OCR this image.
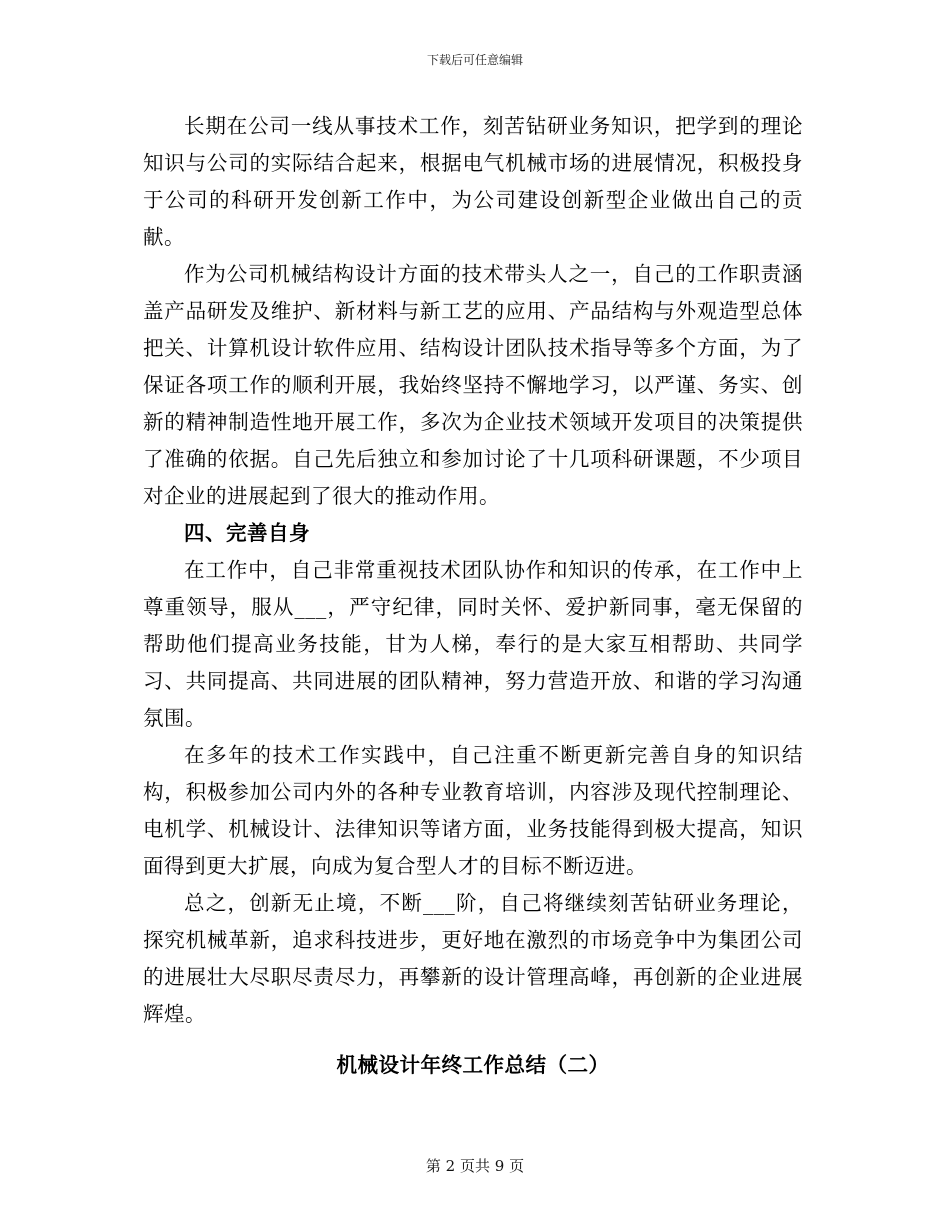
下载后可任意编辑

长期在公司一线从事技术工作，刻苦钻研业务知识，把学到的理论知识与公司的实际结合起来，根据电气机械市场的进展情况，积极投身于公司的科研开发创新工作中，为公司建设创新型企业做出自己的贡献。

作为公司机械结构设计方面的技术带头人之一，自己的工作职责涵盖产品研发及维护、新材料与新工艺的应用、产品结构与外观造型总体把关、计算机设计软件应用、结构设计团队技术指导等多个方面，为了保证各项工作的顺利开展，我始终坚持不懈地学习，以严谨、务实、创新的精神制造性地开展工作，多次为企业技术领域开发项目的决策提供了准确的依据。自己先后独立和参加讨论了十几项科研课题，不少项目对企业的进展起到了很大的推动作用。

四、完善自身

在工作中，自己非常重视技术团队协作和知识的传承，在工作中上尊重领导，服从___，严守纪律，同时关怀、爱护新同事，毫无保留的帮助他们提高业务技能，甘为人梯，奉行的是大家互相帮助、共同学习、共同提高、共同进展的团队精神，努力营造开放、和谐的学习沟通氛围。

在多年的技术工作实践中，自己注重不断更新完善自身的知识结构，积极参加公司内外的各种专业教育培训，内容涉及现代控制理论、电机学、机械设计、法律知识等诸方面，业务技能得到极大提高，知识面得到更大扩展，向成为复合型人才的目标不断迈进。

总之，创新无止境，不断___阶，自己将继续刻苦钻研业务理论，探究机械革新，追求科技进步，更好地在激烈的市场竞争中为集团公司的进展壮大尽职尽责尽力，再攀新的设计管理高峰，再创新的企业进展辉煌。

机械设计年终工作总结（二）

第 2 页共 9 页
